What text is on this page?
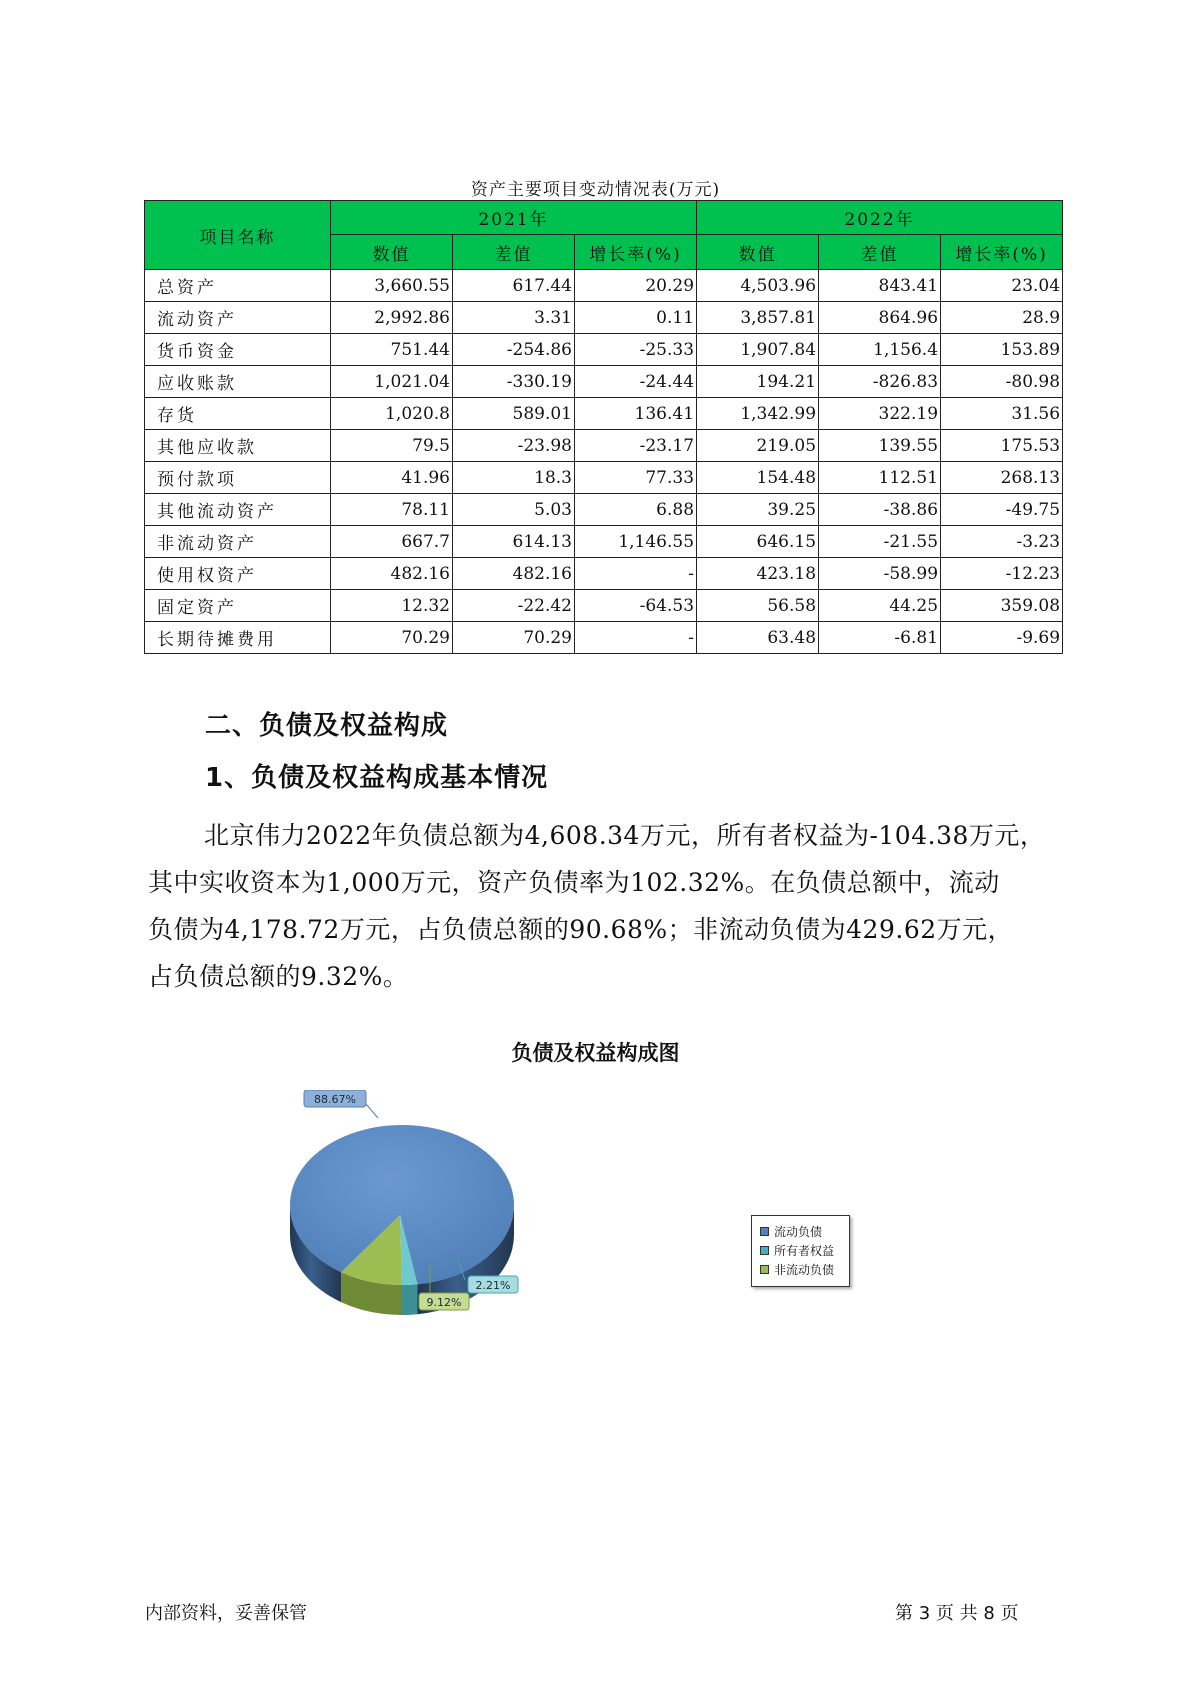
资产主要项目变动情况表(万元)
项目名称	2021年			2022年		
	数值	差值	增长率(%)	数值	差值	增长率(%)
总资产	3,660.55	617.44	20.29	4,503.96	843.41	23.04
流动资产	2,992.86	3.31	0.11	3,857.81	864.96	28.9
货币资金	751.44	-254.86	-25.33	1,907.84	1,156.4	153.89
应收账款	1,021.04	-330.19	-24.44	194.21	-826.83	-80.98
存货	1,020.8	589.01	136.41	1,342.99	322.19	31.56
其他应收款	79.5	-23.98	-23.17	219.05	139.55	175.53
预付款项	41.96	18.3	77.33	154.48	112.51	268.13
其他流动资产	78.11	5.03	6.88	39.25	-38.86	-49.75
非流动资产	667.7	614.13	1,146.55	646.15	-21.55	-3.23
使用权资产	482.16	482.16	-	423.18	-58.99	-12.23
固定资产	12.32	-22.42	-64.53	56.58	44.25	359.08
长期待摊费用	70.29	70.29	-	63.48	-6.81	-9.69
二、负债及权益构成
1、负债及权益构成基本情况
北京伟力2022年负债总额为4,608.34万元，所有者权益为-104.38万元，
其中实收资本为1,000万元，资产负债率为102.32%。在负债总额中，流动
负债为4,178.72万元，占负债总额的90.68%；非流动负债为429.62万元，
占负债总额的9.32%。
负债及权益构成图
88.67%
2.21%
9.12%
流动负债
所有者权益
非流动负债
内部资料，妥善保管	第 3 页 共 8 页
